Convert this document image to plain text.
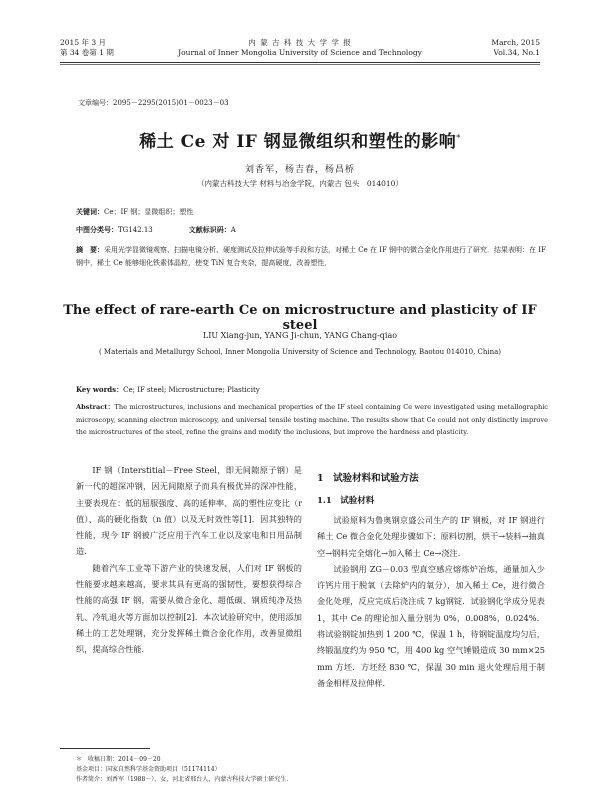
2015 年 3 月
第 34 卷第 1 期
内 蒙 古 科 技 大 学 学 报
Journal of Inner Mongolia University of Science and Technology
March, 2015
Vol.34, No.1
文章编号：2095－2295(2015)01－0023－03
稀土 Ce 对 IF 钢显微组织和塑性的影响*
刘香军，杨吉春，杨昌桥
（内蒙古科技大学 材料与冶金学院，内蒙古 包头　014010）
关键词：Ce；IF 钢；显微组织；塑性
中图分类号：TG142.13	文献标识码：A
摘　要：采用光学显微镜观察、扫描电镜分析、硬度测试及拉伸试验等手段和方法，对稀土 Ce 在 IF 钢中的微合金化作用进行了研究．结果表明：在 IF 钢中，稀土 Ce 能够细化铁素体晶粒，使变 TiN 复合夹杂，提高硬度，改善塑性．
The effect of rare-earth Ce on microstructure and plasticity of IF steel
LIU Xiang-jun, YANG Ji-chun, YANG Chang-qiao
( Materials and Metallurgy School, Inner Mongolia University of Science and Technology, Baotou 014010, China)
Key words：Ce; IF steel; Microstructure; Plasticity
Abstract：The microstructures, inclusions and mechanical properties of the IF steel containing Ce were investigated using metallographic microscopy, scanning electron microscopy, and universal tensile testing machine. The results show that Ce could not only distinctly improve the microstructures of the steel, refine the grains and modify the inclusions, but improve the hardness and plasticity.

IF 钢（Interstitial－Free Steel，即无间隙原子钢）是新一代的超深冲钢，因无间隙原子而具有极优异的深冲性能，主要表现在：低的屈服强度、高的延伸率、高的塑性应变比（r 值）、高的硬化指数（n 值）以及无时效性等[1]．因其独特的性能，现今 IF 钢被广泛应用于汽车工业以及家电和日用品制造．

随着汽车工业等下游产业的快速发展，人们对 IF 钢板的性能要求越来越高，要求其具有更高的强韧性，要想获得综合性能的高强 IF 钢，需要从微合金化、超低碳、钢质纯净及热轧、冷轧退火等方面加以控制[2]．本次试验研究中，使用添加稀土的工艺处理钢，充分发挥稀土微合金化作用，改善显微组织，提高综合性能．

1　试验材料和试验方法
1.1　试验材料

试验原料为鲁奥钢京盛公司生产的 IF 钢板，对 IF 钢进行稀土 Ce 微合金化处理步骤如下：原料切割，烘干→装料→抽真空→钢料完全熔化→加入稀土 Ce→浇注．

试验钢用 ZG－0.03 型真空感应熔炼炉冶炼，通量加入少许钙片用于脱氧（去除炉内的氧分），加入稀土 Ce，进行微合金化处理，反应完成后浇注成 7 kg钢锭．试验钢化学成分见表 1，其中 Ce 的理论加入量分别为 0%，0.008%，0.024%．将试验钢锭加热到 1 200 ℃，保温 1 h，待钢锭温度均匀后，终锻温度约为 950 ℃，用 400 kg 空气锤锻造成 30 mm×25 mm 方坯．方坯经 830 ℃，保温 30 min 退火处理后用于制备金相样及拉伸样．

＊　收稿日期：2014－09－20
基金项目：国家自然科学基金资助项目（51174114）
作者简介：刘香军（1988－），女，河北省邢台人，内蒙古科技大学硕士研究生．
